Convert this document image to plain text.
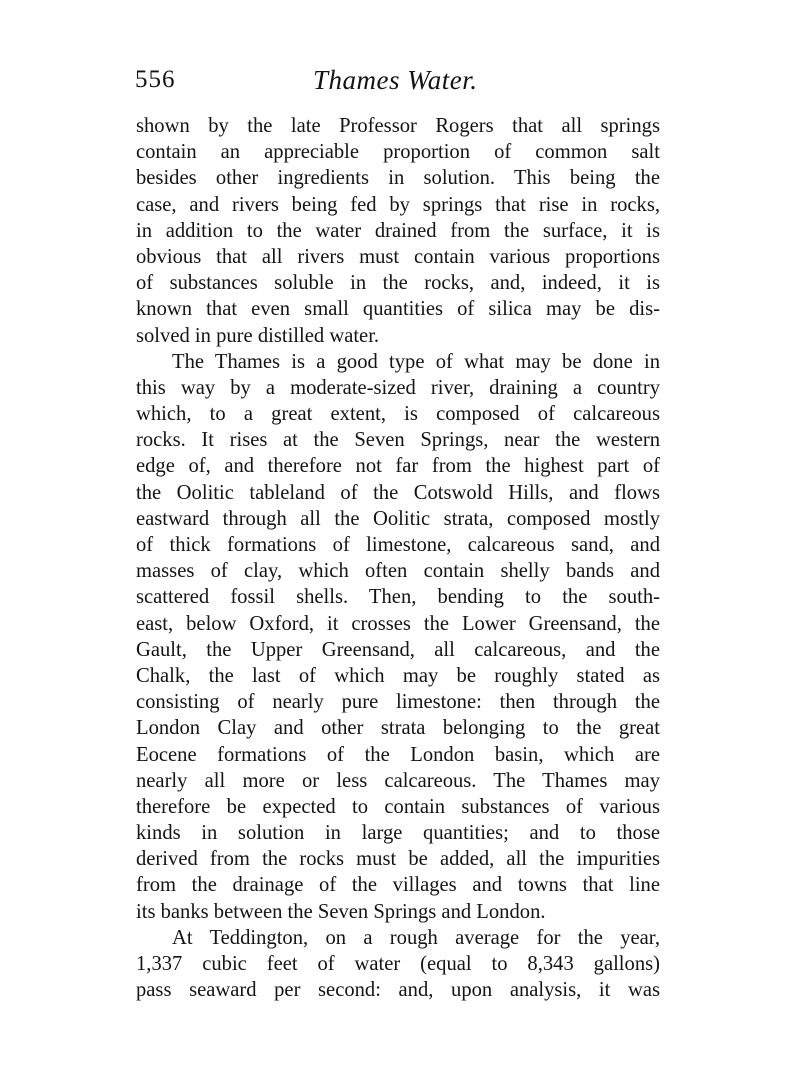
556	Thames Water.
shown by the late Professor Rogers that all springs
contain an appreciable proportion of common salt
besides other ingredients in solution. This being the
case, and rivers being fed by springs that rise in rocks,
in addition to the water drained from the surface, it is
obvious that all rivers must contain various proportions
of substances soluble in the rocks, and, indeed, it is
known that even small quantities of silica may be dis-
solved in pure distilled water.
The Thames is a good type of what may be done in
this way by a moderate-sized river, draining a country
which, to a great extent, is composed of calcareous
rocks. It rises at the Seven Springs, near the western
edge of, and therefore not far from the highest part of
the Oolitic tableland of the Cotswold Hills, and flows
eastward through all the Oolitic strata, composed mostly
of thick formations of limestone, calcareous sand, and
masses of clay, which often contain shelly bands and
scattered fossil shells. Then, bending to the south-
east, below Oxford, it crosses the Lower Greensand, the
Gault, the Upper Greensand, all calcareous, and the
Chalk, the last of which may be roughly stated as
consisting of nearly pure limestone: then through the
London Clay and other strata belonging to the great
Eocene formations of the London basin, which are
nearly all more or less calcareous. The Thames may
therefore be expected to contain substances of various
kinds in solution in large quantities; and to those
derived from the rocks must be added, all the impurities
from the drainage of the villages and towns that line
its banks between the Seven Springs and London.
At Teddington, on a rough average for the year,
1,337 cubic feet of water (equal to 8,343 gallons)
pass seaward per second: and, upon analysis, it was
